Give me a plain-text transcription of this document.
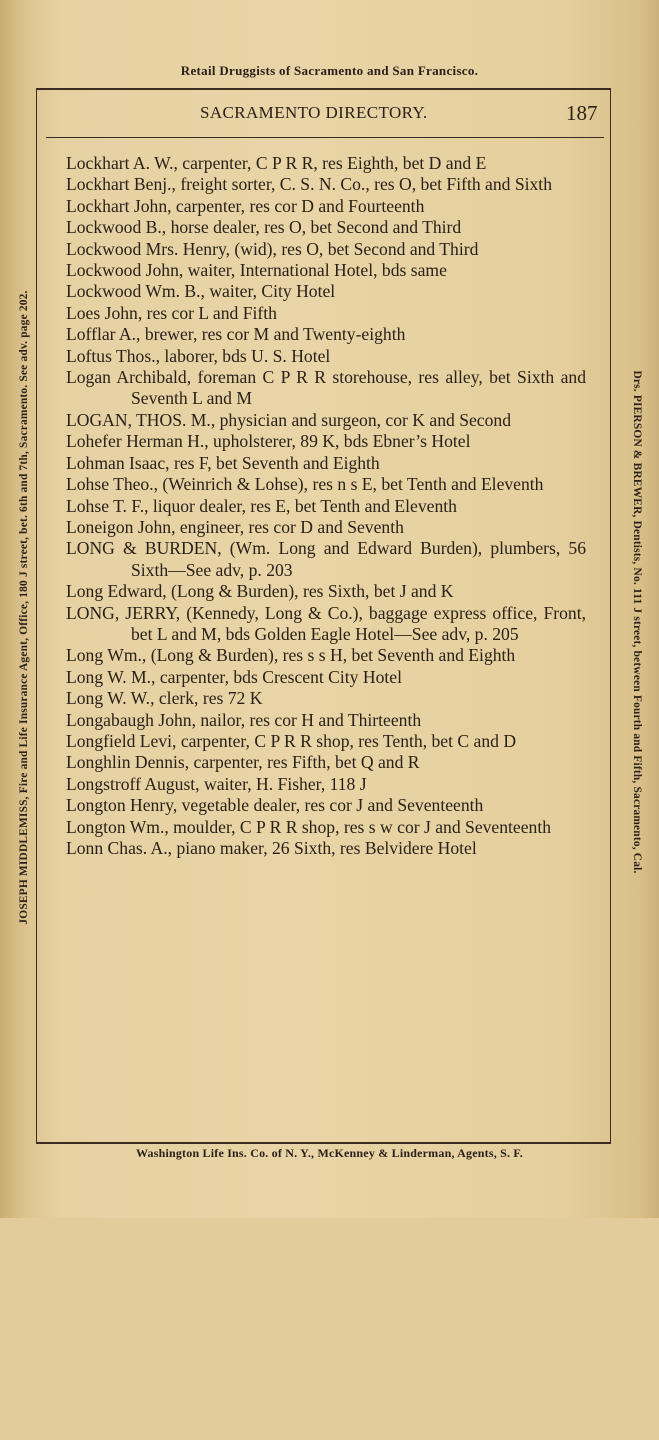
Retail Druggists of Sacramento and San Francisco.
SACRAMENTO DIRECTORY.	187
Lockhart A. W., carpenter, C P R R, res Eighth, bet D and E
Lockhart Benj., freight sorter, C. S. N. Co., res O, bet Fifth and Sixth
Lockhart John, carpenter, res cor D and Fourteenth
Lockwood B., horse dealer, res O, bet Second and Third
Lockwood Mrs. Henry, (wid), res O, bet Second and Third
Lockwood John, waiter, International Hotel, bds same
Lockwood Wm. B., waiter, City Hotel
Loes John, res cor L and Fifth
Lofflar A., brewer, res cor M and Twenty-eighth
Loftus Thos., laborer, bds U. S. Hotel
Logan Archibald, foreman C P R R storehouse, res alley, bet Sixth and Seventh L and M
LOGAN, THOS. M., physician and surgeon, cor K and Second
Lohefer Herman H., upholsterer, 89 K, bds Ebner’s Hotel
Lohman Isaac, res F, bet Seventh and Eighth
Lohse Theo., (Weinrich & Lohse), res n s E, bet Tenth and Eleventh
Lohse T. F., liquor dealer, res E, bet Tenth and Eleventh
Loneigon John, engineer, res cor D and Seventh
LONG & BURDEN, (Wm. Long and Edward Burden), plumbers, 56 Sixth—See adv, p. 203
Long Edward, (Long & Burden), res Sixth, bet J and K
LONG, JERRY, (Kennedy, Long & Co.), baggage express office, Front, bet L and M, bds Golden Eagle Hotel—See adv, p. 205
Long Wm., (Long & Burden), res s s H, bet Seventh and Eighth
Long W. M., carpenter, bds Crescent City Hotel
Long W. W., clerk, res 72 K
Longabaugh John, nailor, res cor H and Thirteenth
Longfield Levi, carpenter, C P R R shop, res Tenth, bet C and D
Longhlin Dennis, carpenter, res Fifth, bet Q and R
Longstroff August, waiter, H. Fisher, 118 J
Longton Henry, vegetable dealer, res cor J and Seventeenth
Longton Wm., moulder, C P R R shop, res s w cor J and Seventeenth
Lonn Chas. A., piano maker, 26 Sixth, res Belvidere Hotel
JOSEPH MIDDLEMISS, Fire and Life Insurance Agent, Office, 180 J street, bet. 6th and 7th, Sacramento. See adv. page 202.	Drs. PIERSON & BREWER, Dentists, No. 111 J street, between Fourth and Fifth, Sacramento, Cal.
Washington Life Ins. Co. of N. Y., McKenney & Linderman, Agents, S. F.
